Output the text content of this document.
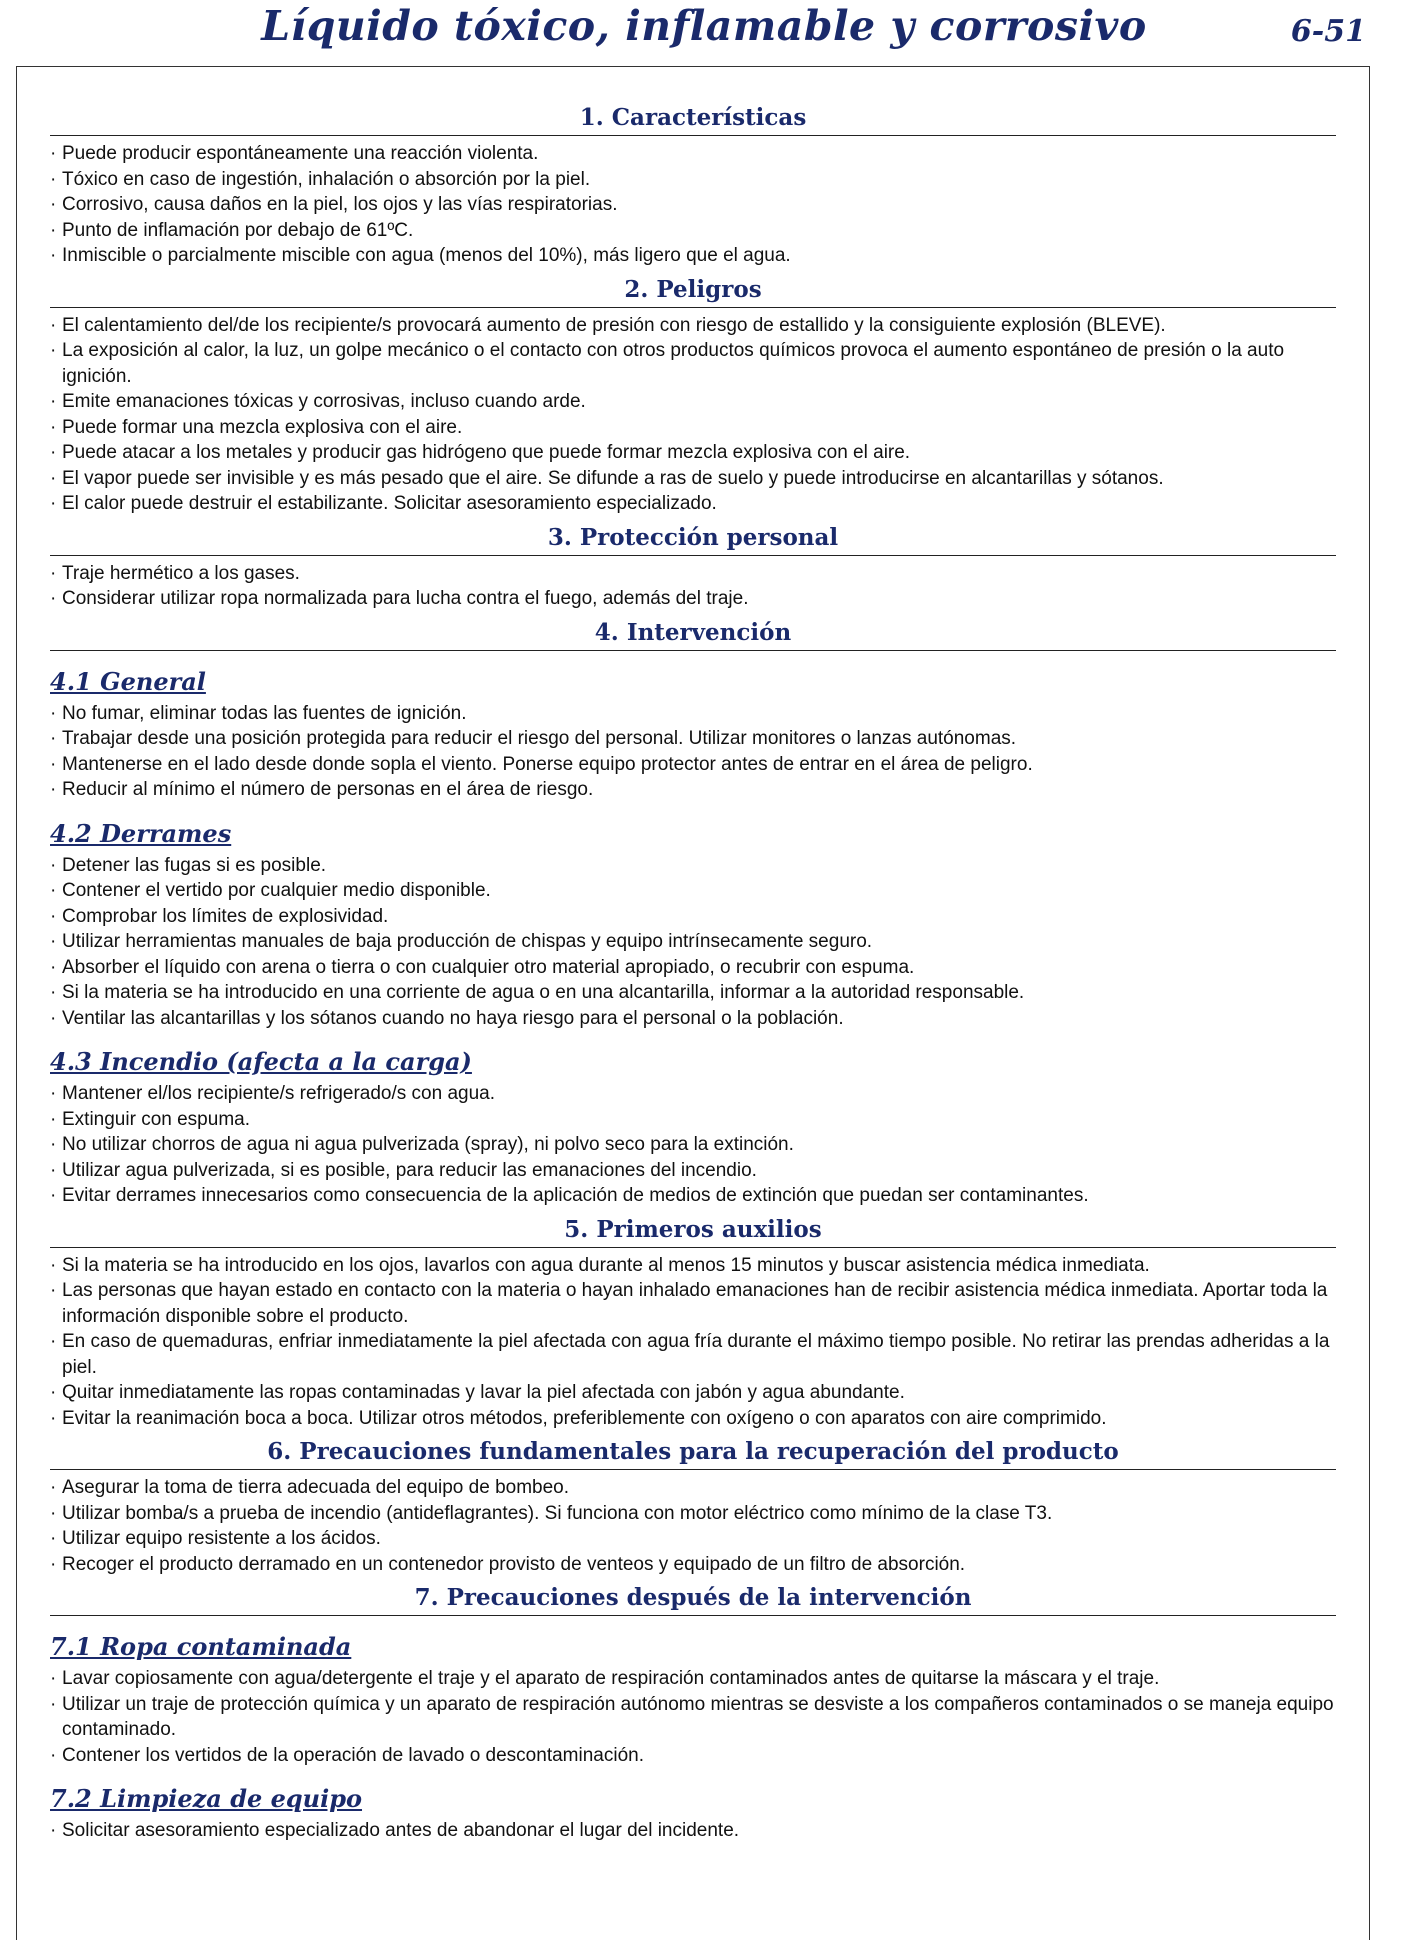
Líquido tóxico, inflamable y corrosivo	6-51
1. Características
· Puede producir espontáneamente una reacción violenta.
· Tóxico en caso de ingestión, inhalación o absorción por la piel.
· Corrosivo, causa daños en la piel, los ojos y las vías respiratorias.
· Punto de inflamación por debajo de 61ºC.
· Inmiscible o parcialmente miscible con agua (menos del 10%), más ligero que el agua.
2. Peligros
· El calentamiento del/de los recipiente/s provocará aumento de presión con riesgo de estallido y la consiguiente explosión (BLEVE).
· La exposición al calor, la luz, un golpe mecánico o el contacto con otros productos químicos provoca el aumento espontáneo de presión o la auto ignición.
· Emite emanaciones tóxicas y corrosivas, incluso cuando arde.
· Puede formar una mezcla explosiva con el aire.
· Puede atacar a los metales y producir gas hidrógeno que puede formar mezcla explosiva con el aire.
· El vapor puede ser invisible y es más pesado que el aire. Se difunde a ras de suelo y puede introducirse en alcantarillas y sótanos.
· El calor puede destruir el estabilizante. Solicitar asesoramiento especializado.
3. Protección personal
· Traje hermético a los gases.
· Considerar utilizar ropa normalizada para lucha contra el fuego, además del traje.
4. Intervención
4.1 General
· No fumar, eliminar todas las fuentes de ignición.
· Trabajar desde una posición protegida para reducir el riesgo del personal. Utilizar monitores o lanzas autónomas.
· Mantenerse en el lado desde donde sopla el viento. Ponerse equipo protector antes de entrar en el área de peligro.
· Reducir al mínimo el número de personas en el área de riesgo.
4.2 Derrames
· Detener las fugas si es posible.
· Contener el vertido por cualquier medio disponible.
· Comprobar los límites de explosividad.
· Utilizar herramientas manuales de baja producción de chispas y equipo intrínsecamente seguro.
· Absorber el líquido con arena o tierra o con cualquier otro material apropiado, o recubrir con espuma.
· Si la materia se ha introducido en una corriente de agua o en una alcantarilla, informar a la autoridad responsable.
· Ventilar las alcantarillas y los sótanos cuando no haya riesgo para el personal o la población.
4.3 Incendio (afecta a la carga)
· Mantener el/los recipiente/s refrigerado/s con agua.
· Extinguir con espuma.
· No utilizar chorros de agua ni agua pulverizada (spray), ni polvo seco para la extinción.
· Utilizar agua pulverizada, si es posible, para reducir las emanaciones del incendio.
· Evitar derrames innecesarios como consecuencia de la aplicación de medios de extinción que puedan ser contaminantes.
5. Primeros auxilios
· Si la materia se ha introducido en los ojos, lavarlos con agua durante al menos 15 minutos y buscar asistencia médica inmediata.
· Las personas que hayan estado en contacto con la materia o hayan inhalado emanaciones han de recibir asistencia médica inmediata. Aportar toda la información disponible sobre el producto.
· En caso de quemaduras, enfriar inmediatamente la piel afectada con agua fría durante el máximo tiempo posible. No retirar las prendas adheridas a la piel.
· Quitar inmediatamente las ropas contaminadas y lavar la piel afectada con jabón y agua abundante.
· Evitar la reanimación boca a boca. Utilizar otros métodos, preferiblemente con oxígeno o con aparatos con aire comprimido.
6. Precauciones fundamentales para la recuperación del producto
· Asegurar la toma de tierra adecuada del equipo de bombeo.
· Utilizar bomba/s a prueba de incendio (antideflagrantes). Si funciona con motor eléctrico como mínimo de la clase T3.
· Utilizar equipo resistente a los ácidos.
· Recoger el producto derramado en un contenedor provisto de venteos y equipado de un filtro de absorción.
7. Precauciones después de la intervención
7.1 Ropa contaminada
· Lavar copiosamente con agua/detergente el traje y el aparato de respiración contaminados antes de quitarse la máscara y el traje.
· Utilizar un traje de protección química y un aparato de respiración autónomo mientras se desviste a los compañeros contaminados o se maneja equipo contaminado.
· Contener los vertidos de la operación de lavado o descontaminación.
7.2 Limpieza de equipo
· Solicitar asesoramiento especializado antes de abandonar el lugar del incidente.
